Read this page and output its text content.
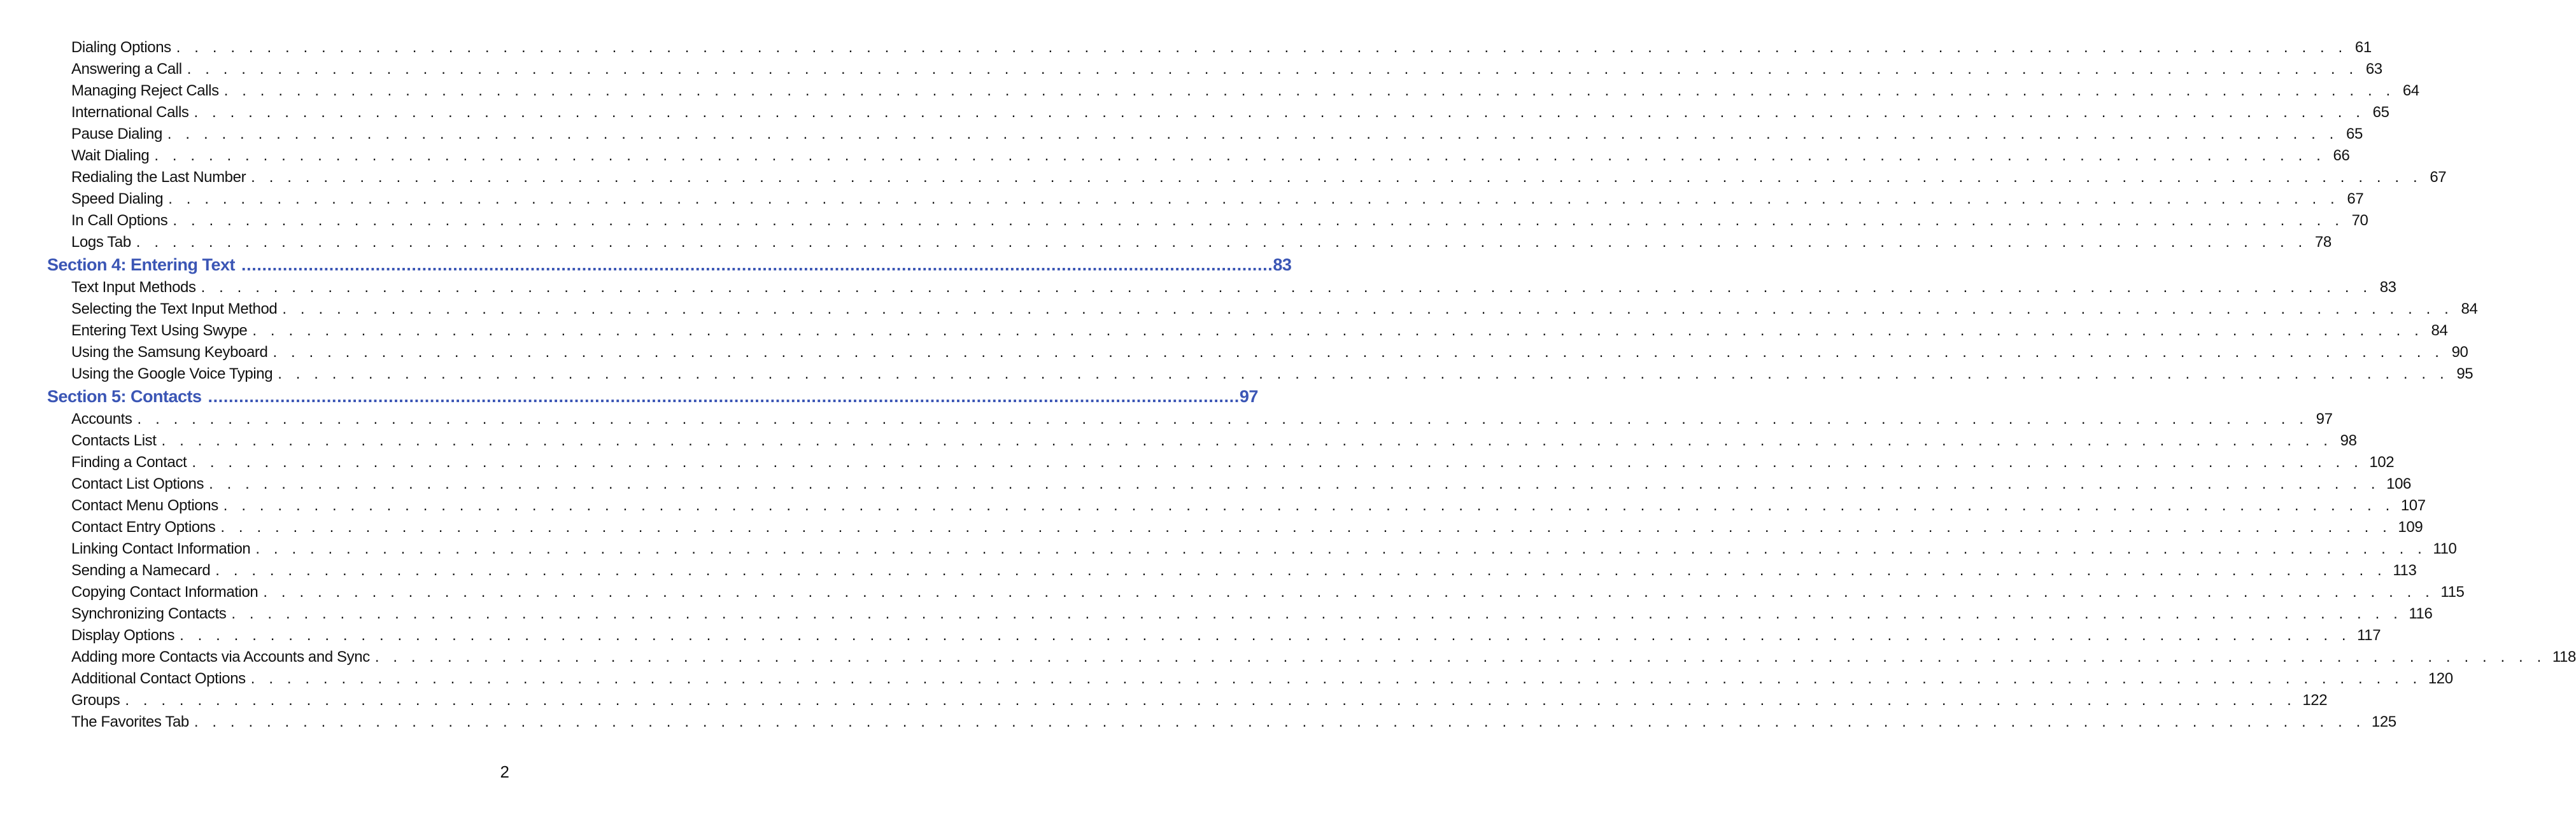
Dialing Options . . . . . . . . . . . . . . . . . . . . . . . . . . . . . . . . . . . . . . . . . . . . . . . . . . . . . . . . . . . . . . . . . . . . . . . . . . . . . . . . . . . . . . . . . . . . . . . . . . . . . . . . . . . . . . . . . . . . . . . . 61
Answering a Call . . . . . . . . . . . . . . . . . . . . . . . . . . . . . . . . . . . . . . . . . . . . . . . . . . . . . . . . . . . . . . . . . . . . . . . . . . . . . . . . . . . . . . . . . . . . . . . . . . . . . . . . . . . . . . . . . . . . . . . . 63
Managing Reject Calls . . . . . . . . . . . . . . . . . . . . . . . . . . . . . . . . . . . . . . . . . . . . . . . . . . . . . . . . . . . . . . . . . . . . . . . . . . . . . . . . . . . . . . . . . . . . . . . . . . . . . . . . . . . . . . . . . . . . . . . . 64
International Calls . . . . . . . . . . . . . . . . . . . . . . . . . . . . . . . . . . . . . . . . . . . . . . . . . . . . . . . . . . . . . . . . . . . . . . . . . . . . . . . . . . . . . . . . . . . . . . . . . . . . . . . . . . . . . . . . . . . . . . . . 65
Pause Dialing . . . . . . . . . . . . . . . . . . . . . . . . . . . . . . . . . . . . . . . . . . . . . . . . . . . . . . . . . . . . . . . . . . . . . . . . . . . . . . . . . . . . . . . . . . . . . . . . . . . . . . . . . . . . . . . . . . . . . . . . 65
Wait Dialing . . . . . . . . . . . . . . . . . . . . . . . . . . . . . . . . . . . . . . . . . . . . . . . . . . . . . . . . . . . . . . . . . . . . . . . . . . . . . . . . . . . . . . . . . . . . . . . . . . . . . . . . . . . . . . . . . . . . . . . . 66
Redialing the Last Number . . . . . . . . . . . . . . . . . . . . . . . . . . . . . . . . . . . . . . . . . . . . . . . . . . . . . . . . . . . . . . . . . . . . . . . . . . . . . . . . . . . . . . . . . . . . . . . . . . . . . . . . . . . . . . . . . . . . . . . . 67
Speed Dialing . . . . . . . . . . . . . . . . . . . . . . . . . . . . . . . . . . . . . . . . . . . . . . . . . . . . . . . . . . . . . . . . . . . . . . . . . . . . . . . . . . . . . . . . . . . . . . . . . . . . . . . . . . . . . . . . . . . . . . . . 67
In Call Options . . . . . . . . . . . . . . . . . . . . . . . . . . . . . . . . . . . . . . . . . . . . . . . . . . . . . . . . . . . . . . . . . . . . . . . . . . . . . . . . . . . . . . . . . . . . . . . . . . . . . . . . . . . . . . . . . . . . . . . . 70
Logs Tab . . . . . . . . . . . . . . . . . . . . . . . . . . . . . . . . . . . . . . . . . . . . . . . . . . . . . . . . . . . . . . . . . . . . . . . . . . . . . . . . . . . . . . . . . . . . . . . . . . . . . . . . . . . . . . . . . . . . . . . . 78
Section 4: Entering Text ........................................................................................................................................................................................................ 83
Text Input Methods . . . . . . . . . . . . . . . . . . . . . . . . . . . . . . . . . . . . . . . . . . . . . . . . . . . . . . . . . . . . . . . . . . . . . . . . . . . . . . . . . . . . . . . . . . . . . . . . . . . . . . . . . . . . . . . . . . . . . . . . 83
Selecting the Text Input Method . . . . . . . . . . . . . . . . . . . . . . . . . . . . . . . . . . . . . . . . . . . . . . . . . . . . . . . . . . . . . . . . . . . . . . . . . . . . . . . . . . . . . . . . . . . . . . . . . . . . . . . . . . . . . . . . . . . . . . . . 84
Entering Text Using Swype . . . . . . . . . . . . . . . . . . . . . . . . . . . . . . . . . . . . . . . . . . . . . . . . . . . . . . . . . . . . . . . . . . . . . . . . . . . . . . . . . . . . . . . . . . . . . . . . . . . . . . . . . . . . . . . . . . . . . . . . 84
Using the Samsung Keyboard . . . . . . . . . . . . . . . . . . . . . . . . . . . . . . . . . . . . . . . . . . . . . . . . . . . . . . . . . . . . . . . . . . . . . . . . . . . . . . . . . . . . . . . . . . . . . . . . . . . . . . . . . . . . . . . . . . . . . . . . 90
Using the Google Voice Typing . . . . . . . . . . . . . . . . . . . . . . . . . . . . . . . . . . . . . . . . . . . . . . . . . . . . . . . . . . . . . . . . . . . . . . . . . . . . . . . . . . . . . . . . . . . . . . . . . . . . . . . . . . . . . . . . . . . . . . . . 95
Section 5: Contacts ........................................................................................................................................................................................................ 97
Accounts . . . . . . . . . . . . . . . . . . . . . . . . . . . . . . . . . . . . . . . . . . . . . . . . . . . . . . . . . . . . . . . . . . . . . . . . . . . . . . . . . . . . . . . . . . . . . . . . . . . . . . . . . . . . . . . . . . . . . . . . 97
Contacts List . . . . . . . . . . . . . . . . . . . . . . . . . . . . . . . . . . . . . . . . . . . . . . . . . . . . . . . . . . . . . . . . . . . . . . . . . . . . . . . . . . . . . . . . . . . . . . . . . . . . . . . . . . . . . . . . . . . . . . . . 98
Finding a Contact . . . . . . . . . . . . . . . . . . . . . . . . . . . . . . . . . . . . . . . . . . . . . . . . . . . . . . . . . . . . . . . . . . . . . . . . . . . . . . . . . . . . . . . . . . . . . . . . . . . . . . . . . . . . . . . . . . . . . . . . 102
Contact List Options . . . . . . . . . . . . . . . . . . . . . . . . . . . . . . . . . . . . . . . . . . . . . . . . . . . . . . . . . . . . . . . . . . . . . . . . . . . . . . . . . . . . . . . . . . . . . . . . . . . . . . . . . . . . . . . . . . . . . . . . 106
Contact Menu Options . . . . . . . . . . . . . . . . . . . . . . . . . . . . . . . . . . . . . . . . . . . . . . . . . . . . . . . . . . . . . . . . . . . . . . . . . . . . . . . . . . . . . . . . . . . . . . . . . . . . . . . . . . . . . . . . . . . . . . . . 107
Contact Entry Options . . . . . . . . . . . . . . . . . . . . . . . . . . . . . . . . . . . . . . . . . . . . . . . . . . . . . . . . . . . . . . . . . . . . . . . . . . . . . . . . . . . . . . . . . . . . . . . . . . . . . . . . . . . . . . . . . . . . . . . . 109
Linking Contact Information . . . . . . . . . . . . . . . . . . . . . . . . . . . . . . . . . . . . . . . . . . . . . . . . . . . . . . . . . . . . . . . . . . . . . . . . . . . . . . . . . . . . . . . . . . . . . . . . . . . . . . . . . . . . . . . . . . . . . . . . 110
Sending a Namecard . . . . . . . . . . . . . . . . . . . . . . . . . . . . . . . . . . . . . . . . . . . . . . . . . . . . . . . . . . . . . . . . . . . . . . . . . . . . . . . . . . . . . . . . . . . . . . . . . . . . . . . . . . . . . . . . . . . . . . . . 113
Copying Contact Information . . . . . . . . . . . . . . . . . . . . . . . . . . . . . . . . . . . . . . . . . . . . . . . . . . . . . . . . . . . . . . . . . . . . . . . . . . . . . . . . . . . . . . . . . . . . . . . . . . . . . . . . . . . . . . . . . . . . . . . . 115
Synchronizing Contacts . . . . . . . . . . . . . . . . . . . . . . . . . . . . . . . . . . . . . . . . . . . . . . . . . . . . . . . . . . . . . . . . . . . . . . . . . . . . . . . . . . . . . . . . . . . . . . . . . . . . . . . . . . . . . . . . . . . . . . . . 116
Display Options . . . . . . . . . . . . . . . . . . . . . . . . . . . . . . . . . . . . . . . . . . . . . . . . . . . . . . . . . . . . . . . . . . . . . . . . . . . . . . . . . . . . . . . . . . . . . . . . . . . . . . . . . . . . . . . . . . . . . . . . 117
Adding more Contacts via Accounts and Sync . . . . . . . . . . . . . . . . . . . . . . . . . . . . . . . . . . . . . . . . . . . . . . . . . . . . . . . . . . . . . . . . . . . . . . . . . . . . . . . . . . . . . . . . . . . . . . . . . . . . . . . . . . . . . . . . . . . . . . . . 118
Additional Contact Options . . . . . . . . . . . . . . . . . . . . . . . . . . . . . . . . . . . . . . . . . . . . . . . . . . . . . . . . . . . . . . . . . . . . . . . . . . . . . . . . . . . . . . . . . . . . . . . . . . . . . . . . . . . . . . . . . . . . . . . . 120
Groups . . . . . . . . . . . . . . . . . . . . . . . . . . . . . . . . . . . . . . . . . . . . . . . . . . . . . . . . . . . . . . . . . . . . . . . . . . . . . . . . . . . . . . . . . . . . . . . . . . . . . . . . . . . . . . . . . . . . . . . . 122
The Favorites Tab . . . . . . . . . . . . . . . . . . . . . . . . . . . . . . . . . . . . . . . . . . . . . . . . . . . . . . . . . . . . . . . . . . . . . . . . . . . . . . . . . . . . . . . . . . . . . . . . . . . . . . . . . . . . . . . . . . . . . . . . 125
2
